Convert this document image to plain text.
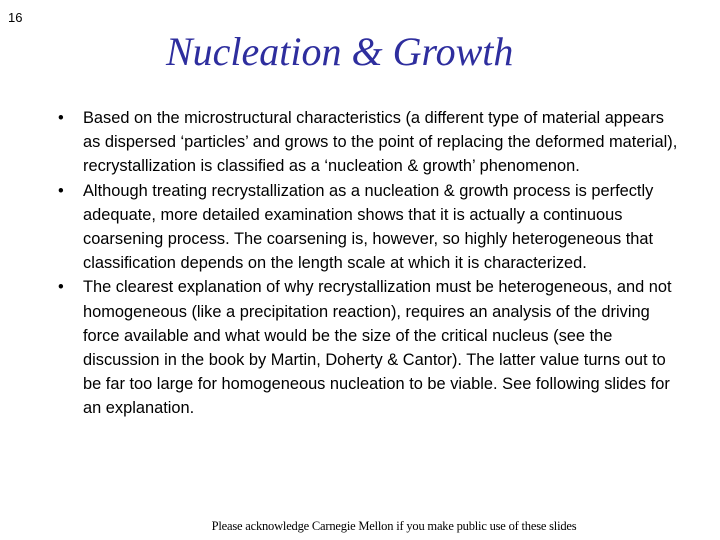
16
Nucleation & Growth
• Based on the microstructural characteristics (a different type of material appears as dispersed ‘particles’ and grows to the point of replacing the deformed material), recrystallization is classified as a ‘nucleation & growth’ phenomenon.
• Although treating recrystallization as a nucleation & growth process is perfectly adequate, more detailed examination shows that it is actually a continuous coarsening process. The coarsening is, however, so highly heterogeneous that classification depends on the length scale at which it is characterized.
• The clearest explanation of why recrystallization must be heterogeneous, and not homogeneous (like a precipitation reaction), requires an analysis of the driving force available and what would be the size of the critical nucleus (see the discussion in the book by Martin, Doherty & Cantor). The latter value turns out to be far too large for homogeneous nucleation to be viable. See following slides for an explanation.
Please acknowledge Carnegie Mellon if you make public use of these slides
